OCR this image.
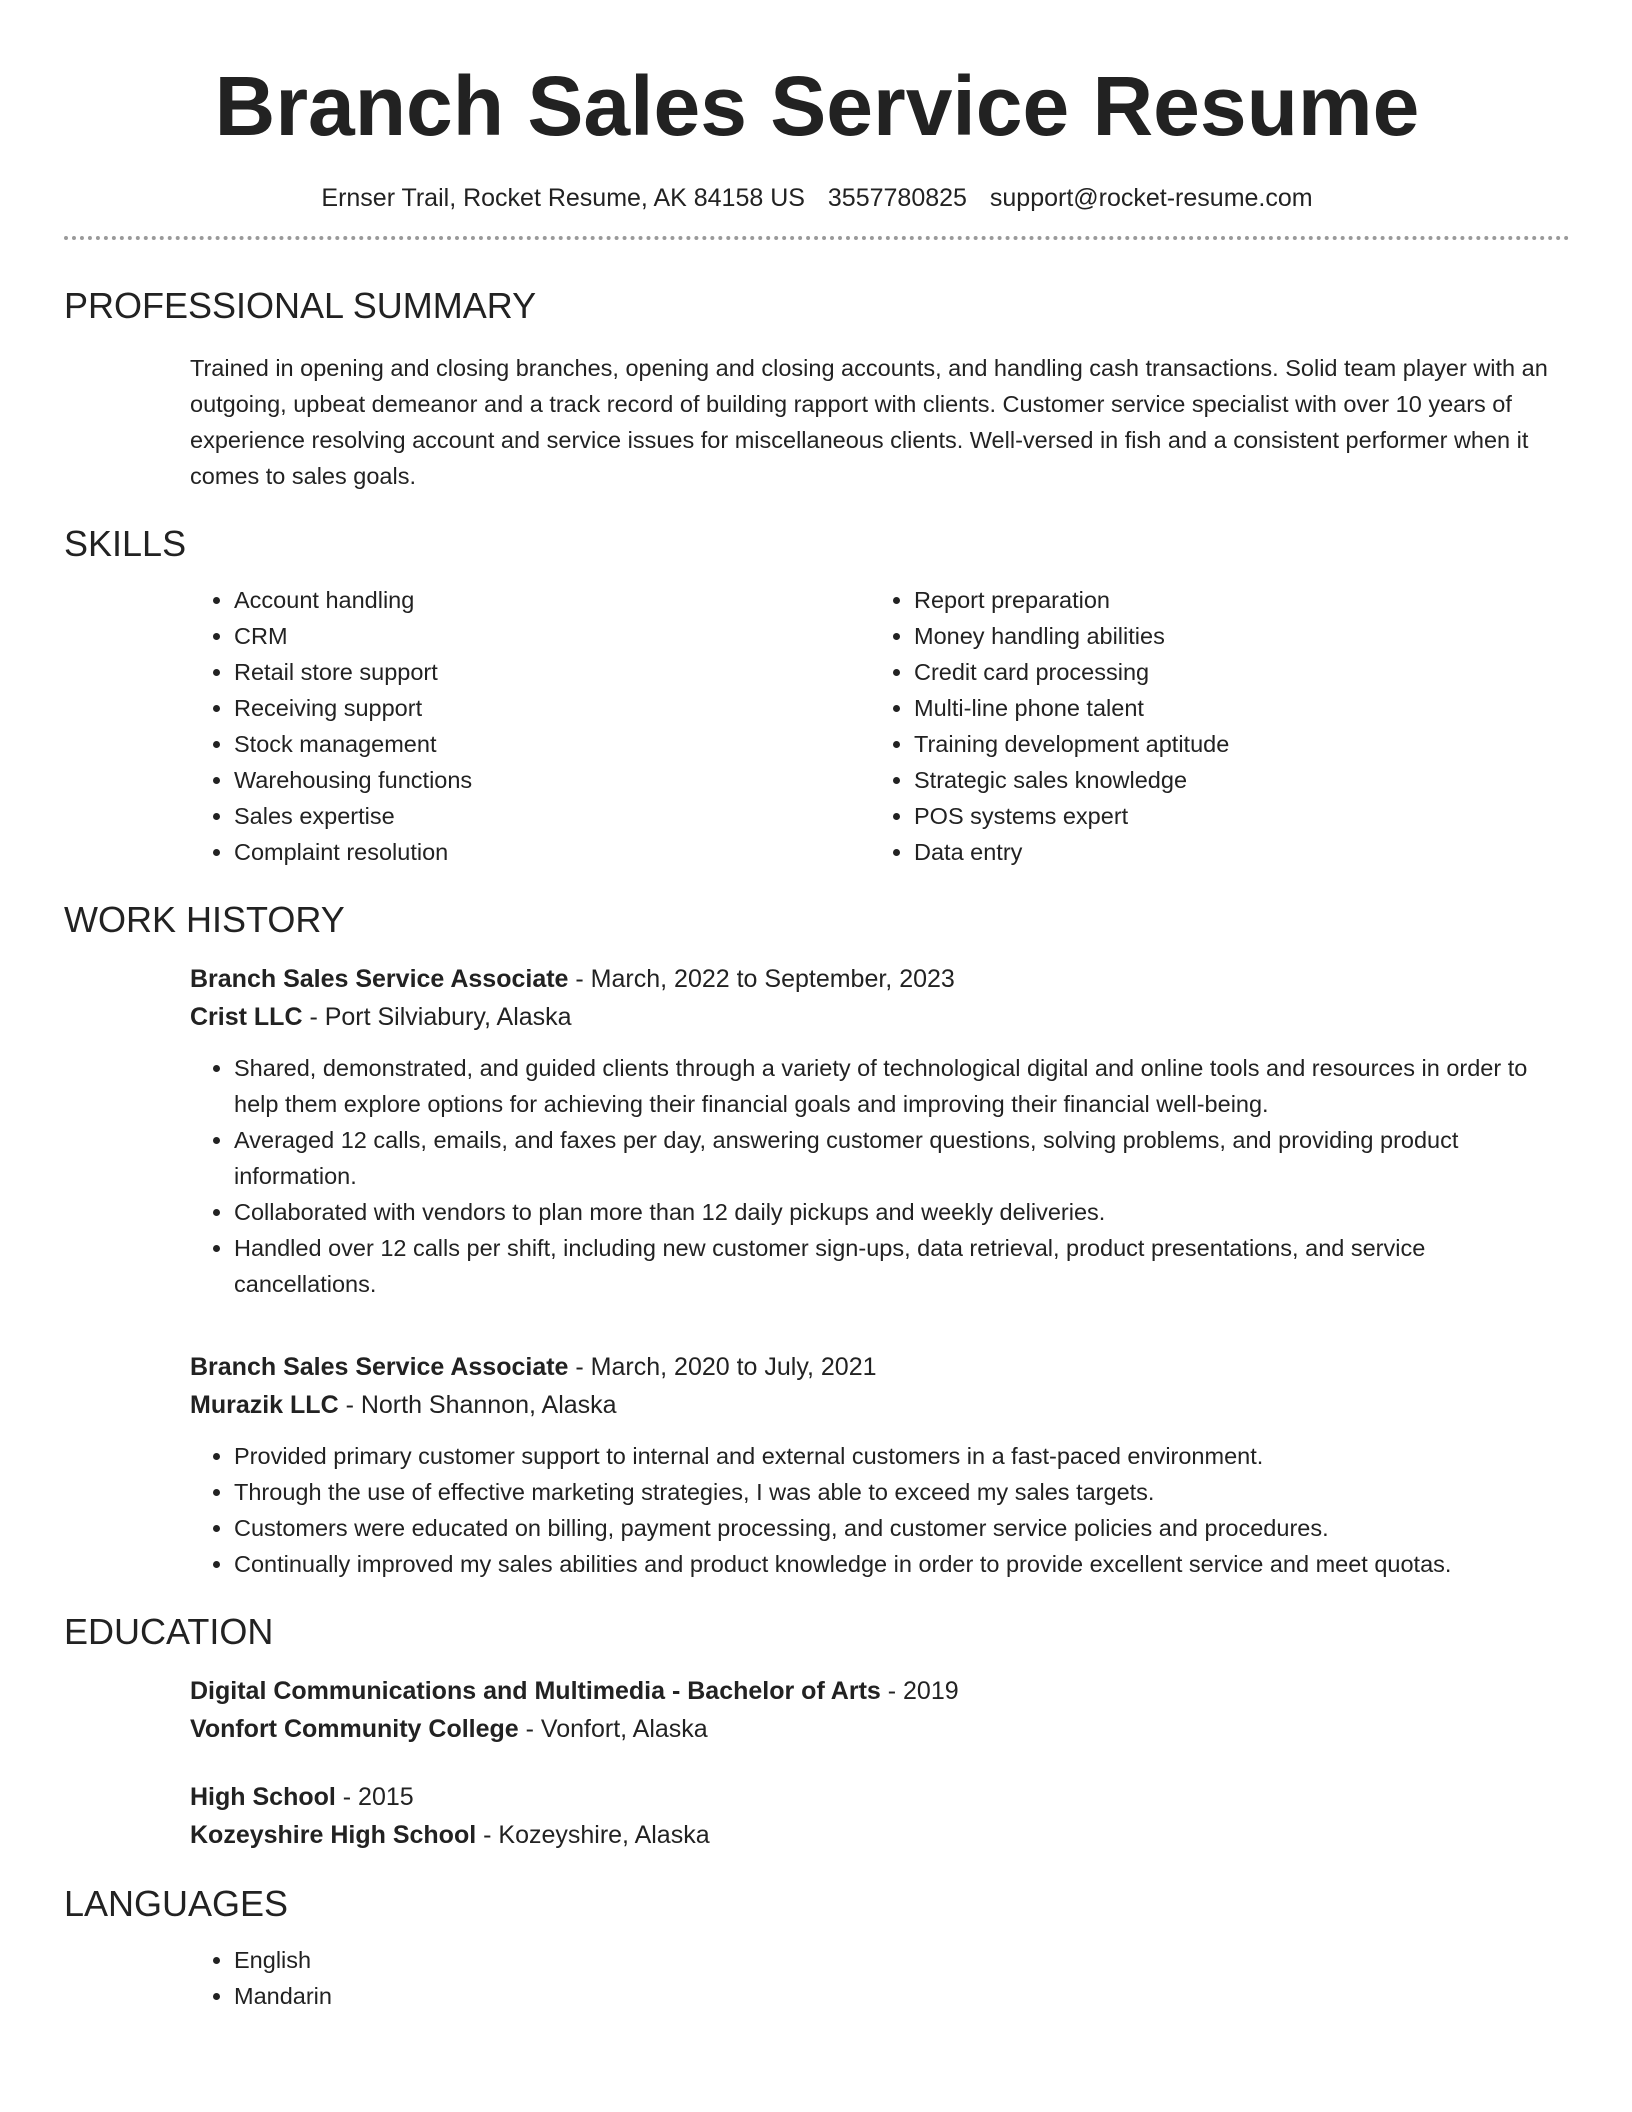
Branch Sales Service Resume
Ernser Trail, Rocket Resume, AK 84158 US 3557780825 support@rocket-resume.com
PROFESSIONAL SUMMARY

Trained in opening and closing branches, opening and closing accounts, and handling cash transactions. Solid team player with an outgoing, upbeat demeanor and a track record of building rapport with clients. Customer service specialist with over 10 years of experience resolving account and service issues for miscellaneous clients. Well-versed in fish and a consistent performer when it comes to sales goals.

SKILLS
• Account handling
• CRM
• Retail store support
• Receiving support
• Stock management
• Warehousing functions
• Sales expertise
• Complaint resolution
• Report preparation
• Money handling abilities
• Credit card processing
• Multi-line phone talent
• Training development aptitude
• Strategic sales knowledge
• POS systems expert
• Data entry
WORK HISTORY
Branch Sales Service Associate - March, 2022 to September, 2023
Crist LLC - Port Silviabury, Alaska
• Shared, demonstrated, and guided clients through a variety of technological digital and online tools and resources in order to help them explore options for achieving their financial goals and improving their financial well-being.
• Averaged 12 calls, emails, and faxes per day, answering customer questions, solving problems, and providing product information.
• Collaborated with vendors to plan more than 12 daily pickups and weekly deliveries.
• Handled over 12 calls per shift, including new customer sign-ups, data retrieval, product presentations, and service cancellations.
Branch Sales Service Associate - March, 2020 to July, 2021
Murazik LLC - North Shannon, Alaska
• Provided primary customer support to internal and external customers in a fast-paced environment.
• Through the use of effective marketing strategies, I was able to exceed my sales targets.
• Customers were educated on billing, payment processing, and customer service policies and procedures.
• Continually improved my sales abilities and product knowledge in order to provide excellent service and meet quotas.
EDUCATION
Digital Communications and Multimedia - Bachelor of Arts - 2019
Vonfort Community College - Vonfort, Alaska
High School - 2015
Kozeyshire High School - Kozeyshire, Alaska
LANGUAGES
• English
• Mandarin
